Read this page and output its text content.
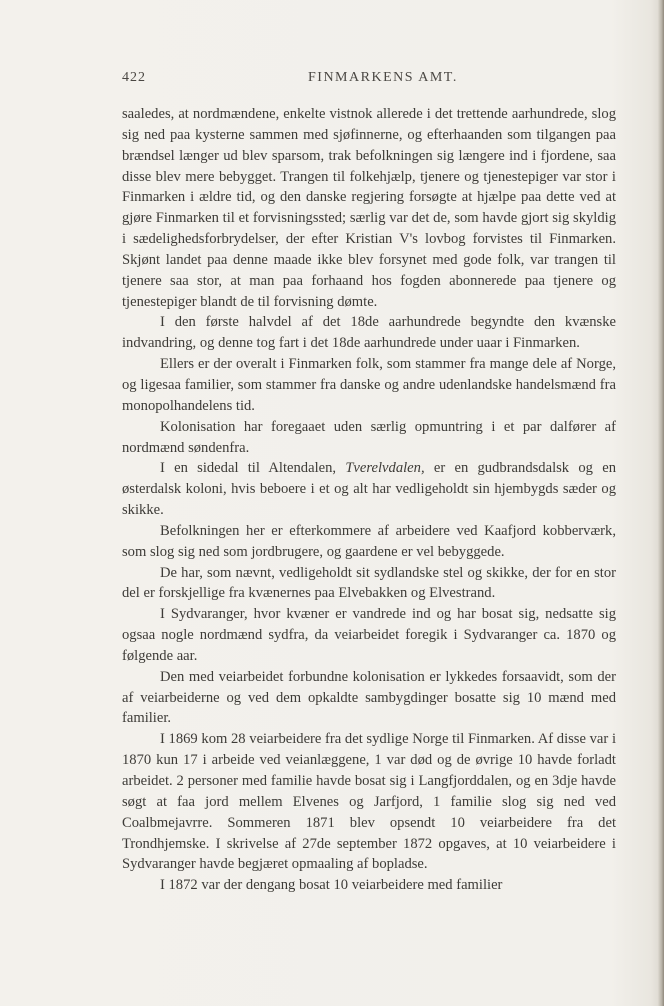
422	FINMARKENS AMT.

saaledes, at nordmændene, enkelte vistnok allerede i det trettende aarhundrede, slog sig ned paa kysterne sammen med sjøfinnerne, og efterhaanden som tilgangen paa brændsel længer ud blev sparsom, trak befolkningen sig længere ind i fjordene, saa disse blev mere bebygget. Trangen til folkehjælp, tjenere og tjenestepiger var stor i Finmarken i ældre tid, og den danske regjering forsøgte at hjælpe paa dette ved at gjøre Finmarken til et forvisningssted; særlig var det de, som havde gjort sig skyldig i sædelighedsforbrydelser, der efter Kristian V's lovbog forvistes til Finmarken. Skjønt landet paa denne maade ikke blev forsynet med gode folk, var trangen til tjenere saa stor, at man paa forhaand hos fogden abonnerede paa tjenere og tjenestepiger blandt de til forvisning dømte.

I den første halvdel af det 18de aarhundrede begyndte den kvænske indvandring, og denne tog fart i det 18de aarhundrede under uaar i Finmarken.

Ellers er der overalt i Finmarken folk, som stammer fra mange dele af Norge, og ligesaa familier, som stammer fra danske og andre udenlandske handelsmænd fra monopolhandelens tid.

Kolonisation har foregaaet uden særlig opmuntring i et par dalfører af nordmænd søndenfra.

I en sidedal til Altendalen, Tverelvdalen, er en gudbrandsdalsk og en østerdalsk koloni, hvis beboere i et og alt har vedligeholdt sin hjembygds sæder og skikke.

Befolkningen her er efterkommere af arbeidere ved Kaafjord kobberværk, som slog sig ned som jordbrugere, og gaardene er vel bebyggede.

De har, som nævnt, vedligeholdt sit sydlandske stel og skikke, der for en stor del er forskjellige fra kvænernes paa Elvebakken og Elvestrand.

I Sydvaranger, hvor kvæner er vandrede ind og har bosat sig, nedsatte sig ogsaa nogle nordmænd sydfra, da veiarbeidet foregik i Sydvaranger ca. 1870 og følgende aar.

Den med veiarbeidet forbundne kolonisation er lykkedes forsaavidt, som der af veiarbeiderne og ved dem opkaldte sambygdinger bosatte sig 10 mænd med familier.

I 1869 kom 28 veiarbeidere fra det sydlige Norge til Finmarken. Af disse var i 1870 kun 17 i arbeide ved veianlæggene, 1 var død og de øvrige 10 havde forladt arbeidet. 2 personer med familie havde bosat sig i Langfjorddalen, og en 3dje havde søgt at faa jord mellem Elvenes og Jarfjord, 1 familie slog sig ned ved Coalbmejavrre. Sommeren 1871 blev opsendt 10 veiarbeidere fra det Trondhjemske. I skrivelse af 27de september 1872 opgaves, at 10 veiarbeidere i Sydvaranger havde begjæret opmaaling af bopladse.

I 1872 var der dengang bosat 10 veiarbeidere med familier
